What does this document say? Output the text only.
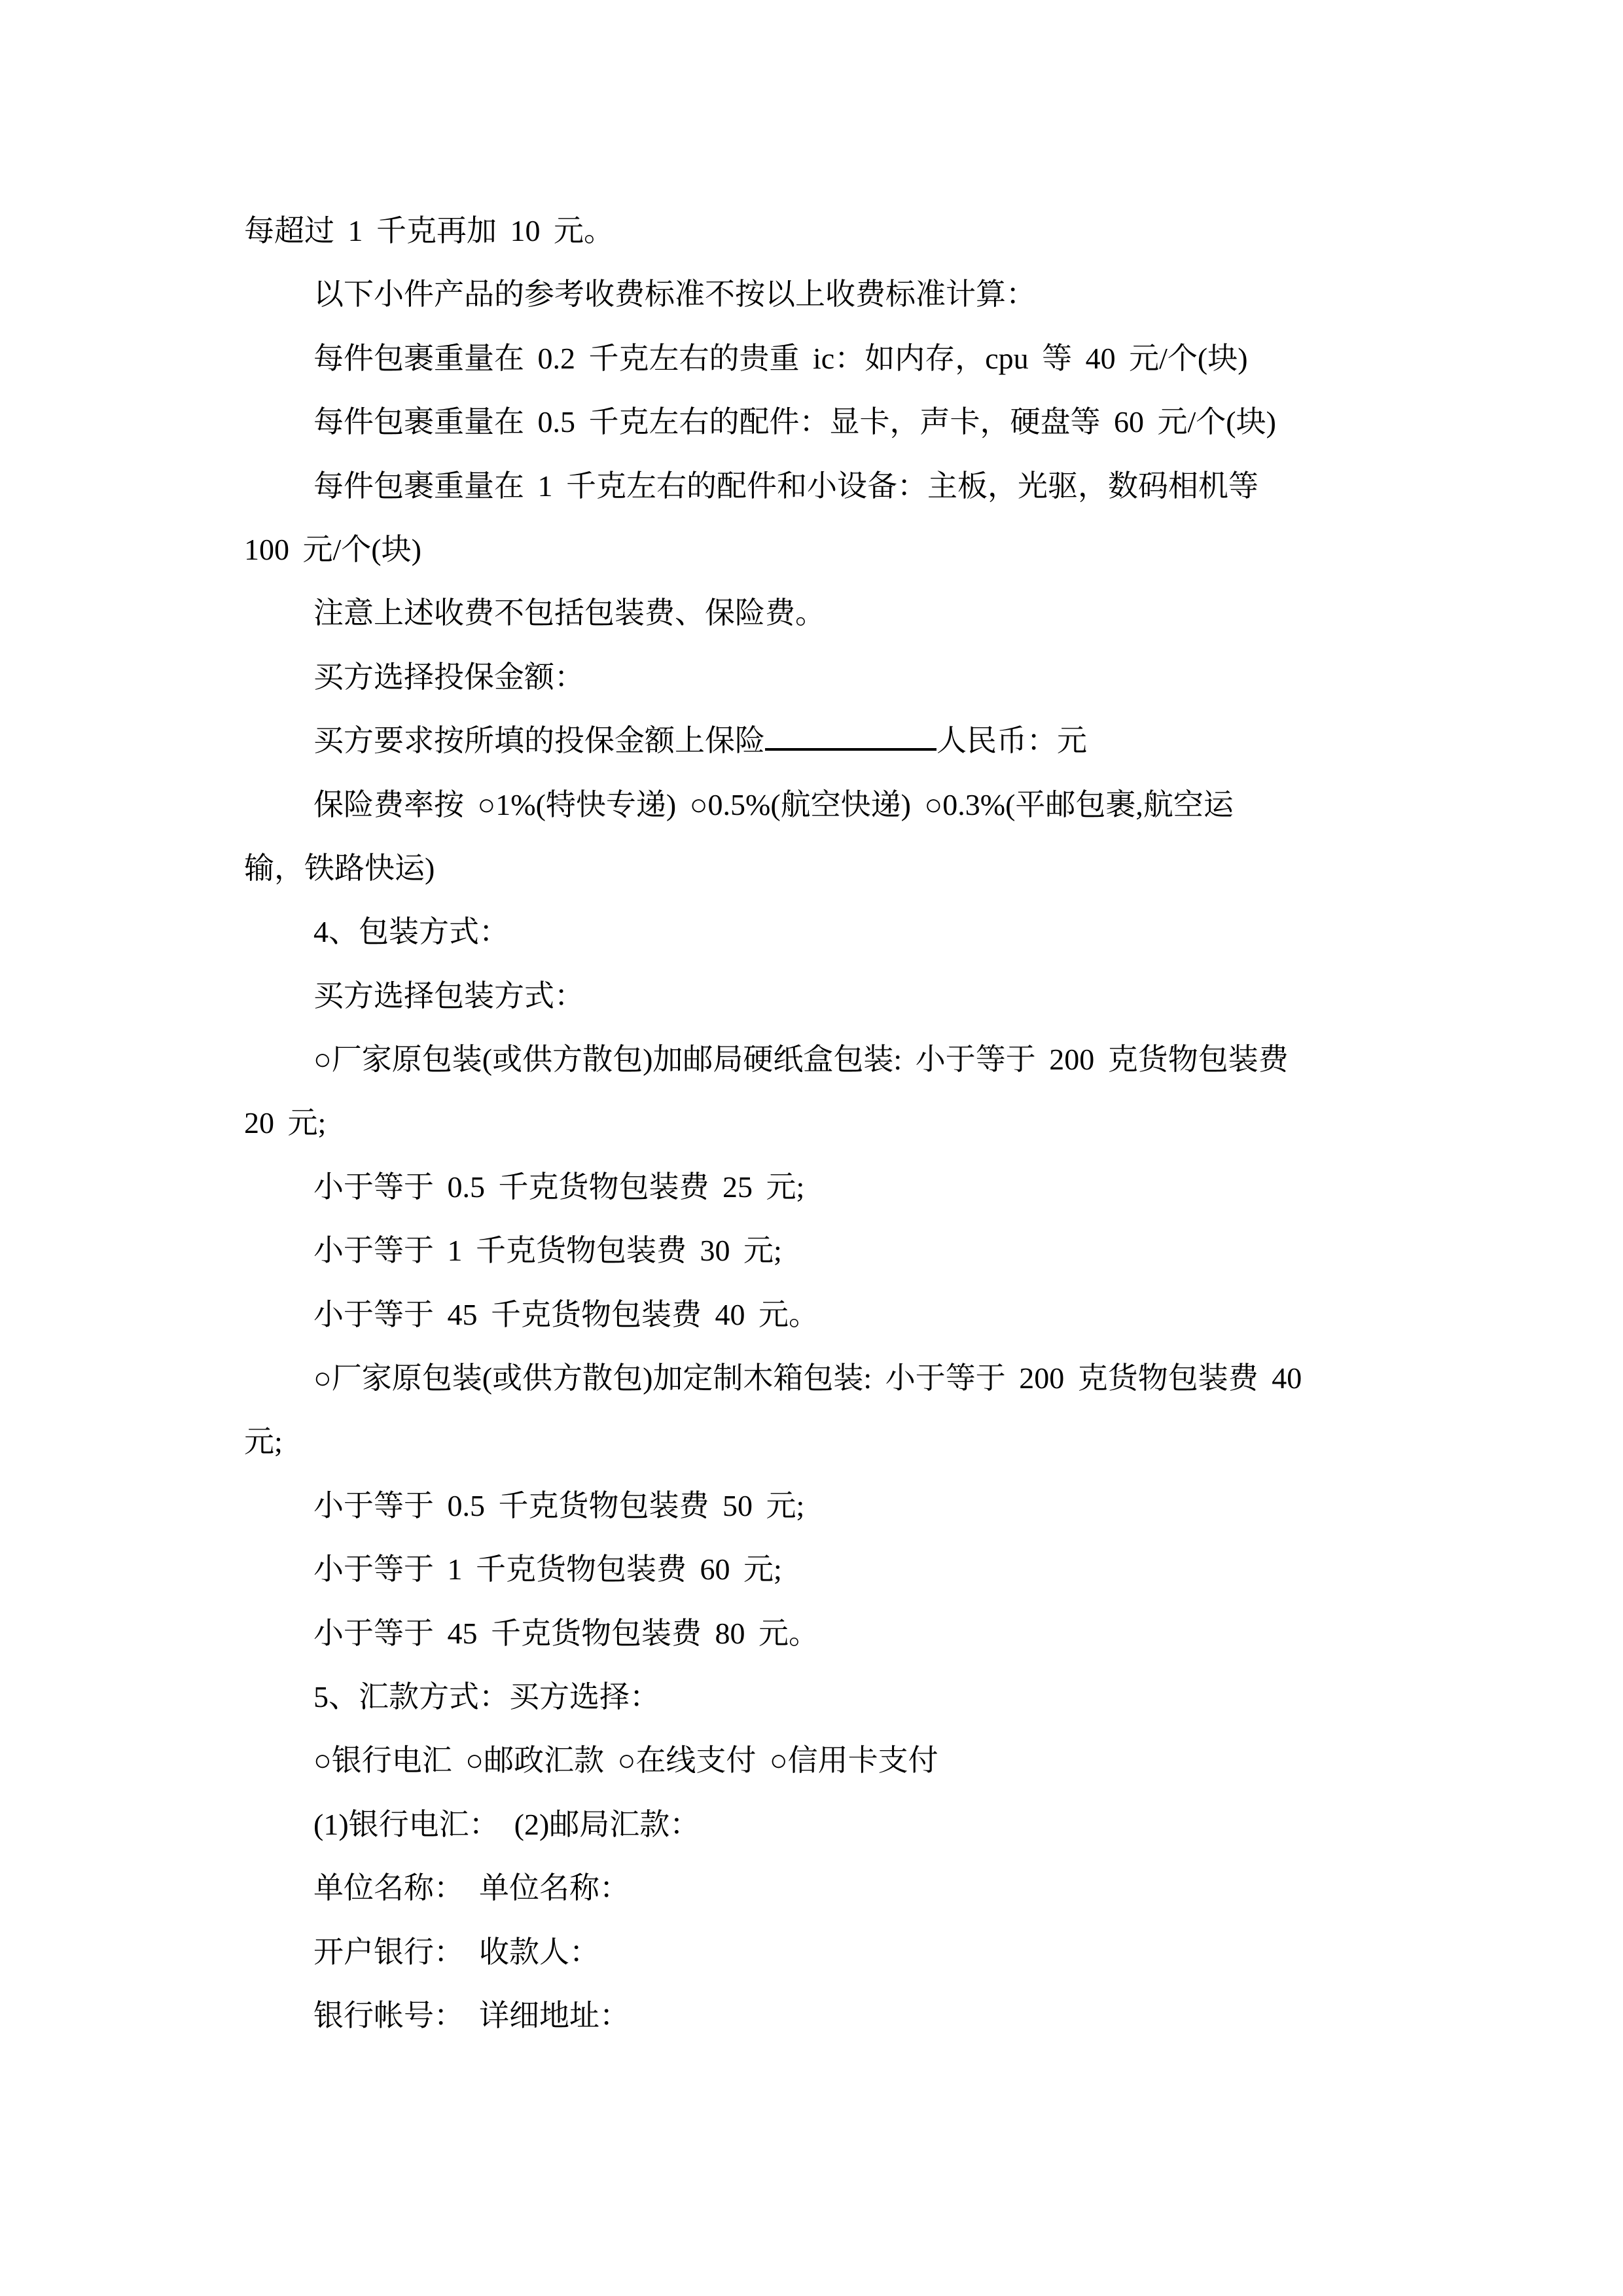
每超过 1 千克再加 10 元。
以下小件产品的参考收费标准不按以上收费标准计算：
每件包裹重量在 0.2 千克左右的贵重 ic：如内存，cpu 等 40 元/个(块)
每件包裹重量在 0.5 千克左右的配件：显卡，声卡，硬盘等 60 元/个(块)
每件包裹重量在 1 千克左右的配件和小设备：主板，光驱，数码相机等
100 元/个(块)
注意上述收费不包括包装费、保险费。
买方选择投保金额：
买方要求按所填的投保金额上保险	人民币：元
保险费率按 ○1%(特快专递) ○0.5%(航空快递) ○0.3%(平邮包裹,航空运
输，铁路快运)
4、包装方式：
买方选择包装方式：
○厂家原包装(或供方散包)加邮局硬纸盒包装: 小于等于 200 克货物包装费
20 元;
小于等于 0.5 千克货物包装费 25 元;
小于等于 1 千克货物包装费 30 元;
小于等于 45 千克货物包装费 40 元。
○厂家原包装(或供方散包)加定制木箱包装: 小于等于 200 克货物包装费 40
元;
小于等于 0.5 千克货物包装费 50 元;
小于等于 1 千克货物包装费 60 元;
小于等于 45 千克货物包装费 80 元。
5、汇款方式：买方选择：
○银行电汇 ○邮政汇款 ○在线支付 ○信用卡支付
(1)银行电汇：　(2)邮局汇款：
单位名称：　单位名称：
开户银行：　收款人：
银行帐号：　详细地址：
